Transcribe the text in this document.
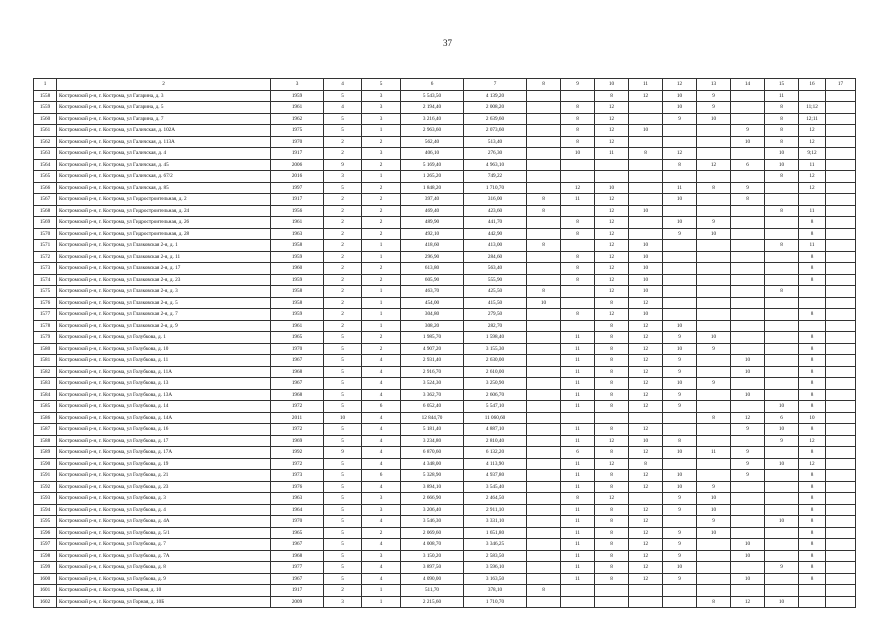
37
1	2	3	4	5	6	7	8	9	10	11	12	13	14	15	16	17
1558	Костромской р-н, г. Кострома, ул Гагарина, д. 3	1959	5	3	5 543,50	4 139,20			8	12	10	9		11		
1559	Костромской р-н, г. Кострома, ул Гагарина, д. 5	1961	4	3	2 194,40	2 008,20		8	12		10	9		8	11;12	
1560	Костромской р-н, г. Кострома, ул Гагарина, д. 7	1962	5	3	3 216,40	2 639,60		8	12		9	10		8	12;11	
1561	Костромской р-н, г. Кострома, ул Галичская, д. 102А	1975	5	1	2 963,60	2 073,60		8	12	10			9	8	12	
1562	Костромской р-н, г. Кострома, ул Галичская, д. 113А	1970	2	2	562,40	513,40		8	12				10	8	12	
1563	Костромской р-н, г. Кострома, ул Галичская, д. 4	1917	2	3	406,10	276,30		10	11	8	12			10	9;12	
1564	Костромской р-н, г. Кострома, ул Галичская, д. 45	2006	9	2	5 169,40	4 963,10					8	12	6	10	11	
1565	Костромской р-н, г. Кострома, ул Галичская, д. 67/2	2016	3	1	1 265,20	749,22								8	12	
1566	Костромской р-н, г. Кострома, ул Галичская, д. 85	1997	5	2	1 848,20	1 710,70		12	10		11	8	9		12	
1567	Костромской р-н, г. Кострома, ул Гидростроительная, д. 2	1917	2	2	397,40	316,00	8	11	12		10		8			
1568	Костромской р-н, г. Кострома, ул Гидростроительная, д. 24	1956	2	2	469,40	423,60	8		12	10				8	11	
1569	Костромской р-н, г. Кострома, ул Гидростроительная, д. 26	1961	2	2	489,90	441,70		8	12		10	9			8	
1570	Костромской р-н, г. Кострома, ул Гидростроительная, д. 28	1963	2	2	492,10	442,90		8	12		9	10			8	
1571	Костромской р-н, г. Кострома, ул Глазковская 2-я, д. 1	1958	2	1	418,60	413,00	8		12	10				8	11	
1572	Костромской р-н, г. Кострома, ул Глазковская 2-я, д. 11	1959	2	1	296,90	284,60		8	12	10					8	
1573	Костромской р-н, г. Кострома, ул Глазковская 2-я, д. 17	1960	2	2	613,80	563,40		8	12	10					8	
1574	Костромской р-н, г. Кострома, ул Глазковская 2-я, д. 23	1959	2	2	605,90	555,90		8	12	10					8	
1575	Костромской р-н, г. Кострома, ул Глазковская 2-я, д. 3	1958	2	1	463,70	425,50	8		12	10				8		
1576	Костромской р-н, г. Кострома, ул Глазковская 2-я, д. 5	1958	2	1	454,00	415,50	10		8	12						
1577	Костромской р-н, г. Кострома, ул Глазковская 2-я, д. 7	1959	2	1	304,80	279,50		8	12	10					8	
1578	Костромской р-н, г. Кострома, ул Глазковская 2-я, д. 9	1961	2	1	308,20	282,70			8	12	10					
1579	Костромской р-н, г. Кострома, ул Голубкова, д. 1	1965	5	2	1 985,70	1 598,40		11	8	12	9	10			8	
1580	Костромской р-н, г. Кострома, ул Голубкова, д. 10	1970	5	2	4 907,20	3 155,30		11	8	12	10	9			8	
1581	Костромской р-н, г. Кострома, ул Голубкова, д. 11	1967	5	4	2 931,40	2 630,00		11	8	12	9		10		8	
1582	Костромской р-н, г. Кострома, ул Голубкова, д. 11А	1968	5	4	2 916,70	2 610,00		11	8	12	9		10		8	
1583	Костромской р-н, г. Кострома, ул Голубкова, д. 13	1967	5	4	3 524,30	3 250,90		11	8	12	10	9			8	
1584	Костромской р-н, г. Кострома, ул Голубкова, д. 13А	1968	5	4	3 362,70	2 606,70		11	8	12	9		10		8	
1585	Костромской р-н, г. Кострома, ул Голубкова, д. 14	1972	5	6	6 052,40	5 547,10		11	8	12	9			10	8	
1586	Костромской р-н, г. Кострома, ул Голубкова, д. 14А	2011	10	4	12 844,70	11 060,60						8	12	6	10	
1587	Костромской р-н, г. Кострома, ул Голубкова, д. 16	1972	5	4	5 181,40	4 887,10		11	8	12			9	10	8	
1588	Костромской р-н, г. Кострома, ул Голубкова, д. 17	1969	5	4	3 234,80	2 810,40		11	12	10	8			9	12	
1589	Костромской р-н, г. Кострома, ул Голубкова, д. 17А	1992	9	4	6 870,60	6 132,20		6	8	12	10	11	9		8	
1590	Костромской р-н, г. Кострома, ул Голубкова, д. 19	1972	5	4	4 348,00	4 113,90		11	12	8			9	10	12	
1591	Костромской р-н, г. Кострома, ул Голубкова, д. 21	1973	5	6	5 328,90	4 937,80		11	8	12	10		9		8	
1592	Костромской р-н, г. Кострома, ул Голубкова, д. 23	1976	5	4	3 894,10	3 545,40		11	8	12	10	9			8	
1593	Костромской р-н, г. Кострома, ул Голубкова, д. 3	1963	5	3	2 666,90	2 464,50		8	12		9	10			8	
1594	Костромской р-н, г. Кострома, ул Голубкова, д. 4	1964	5	3	3 206,40	2 911,10		11	8	12	9	10			8	
1595	Костромской р-н, г. Кострома, ул Голубкова, д. 4А	1970	5	4	3 546,30	3 331,10		11	8	12		9		10	8	
1596	Костромской р-н, г. Кострома, ул Голубкова, д. 5/1	1965	5	2	2 069,60	1 651,80		11	8	12	9	10			8	
1597	Костромской р-н, г. Кострома, ул Голубкова, д. 7	1967	5	4	4 008,70	3 346,25		11	8	12	9		10		8	
1598	Костромской р-н, г. Кострома, ул Голубкова, д. 7А	1968	5	3	3 150,20	2 583,50		11	8	12	9		10		8	
1599	Костромской р-н, г. Кострома, ул Голубкова, д. 8	1977	5	4	3 897,50	3 596,10		11	8	12	10			9	8	
1600	Костромской р-н, г. Кострома, ул Голубкова, д. 9	1967	5	4	4 090,00	3 163,50		11	8	12	9		10		8	
1601	Костромской р-н, г. Кострома, ул Горная, д. 10	1917	2	1	511,70	378,10	8									
1602	Костромской р-н, г. Кострома, ул Горная, д. 10Б	2009	3	1	2 215,60	1 710,70						8	12	10		
